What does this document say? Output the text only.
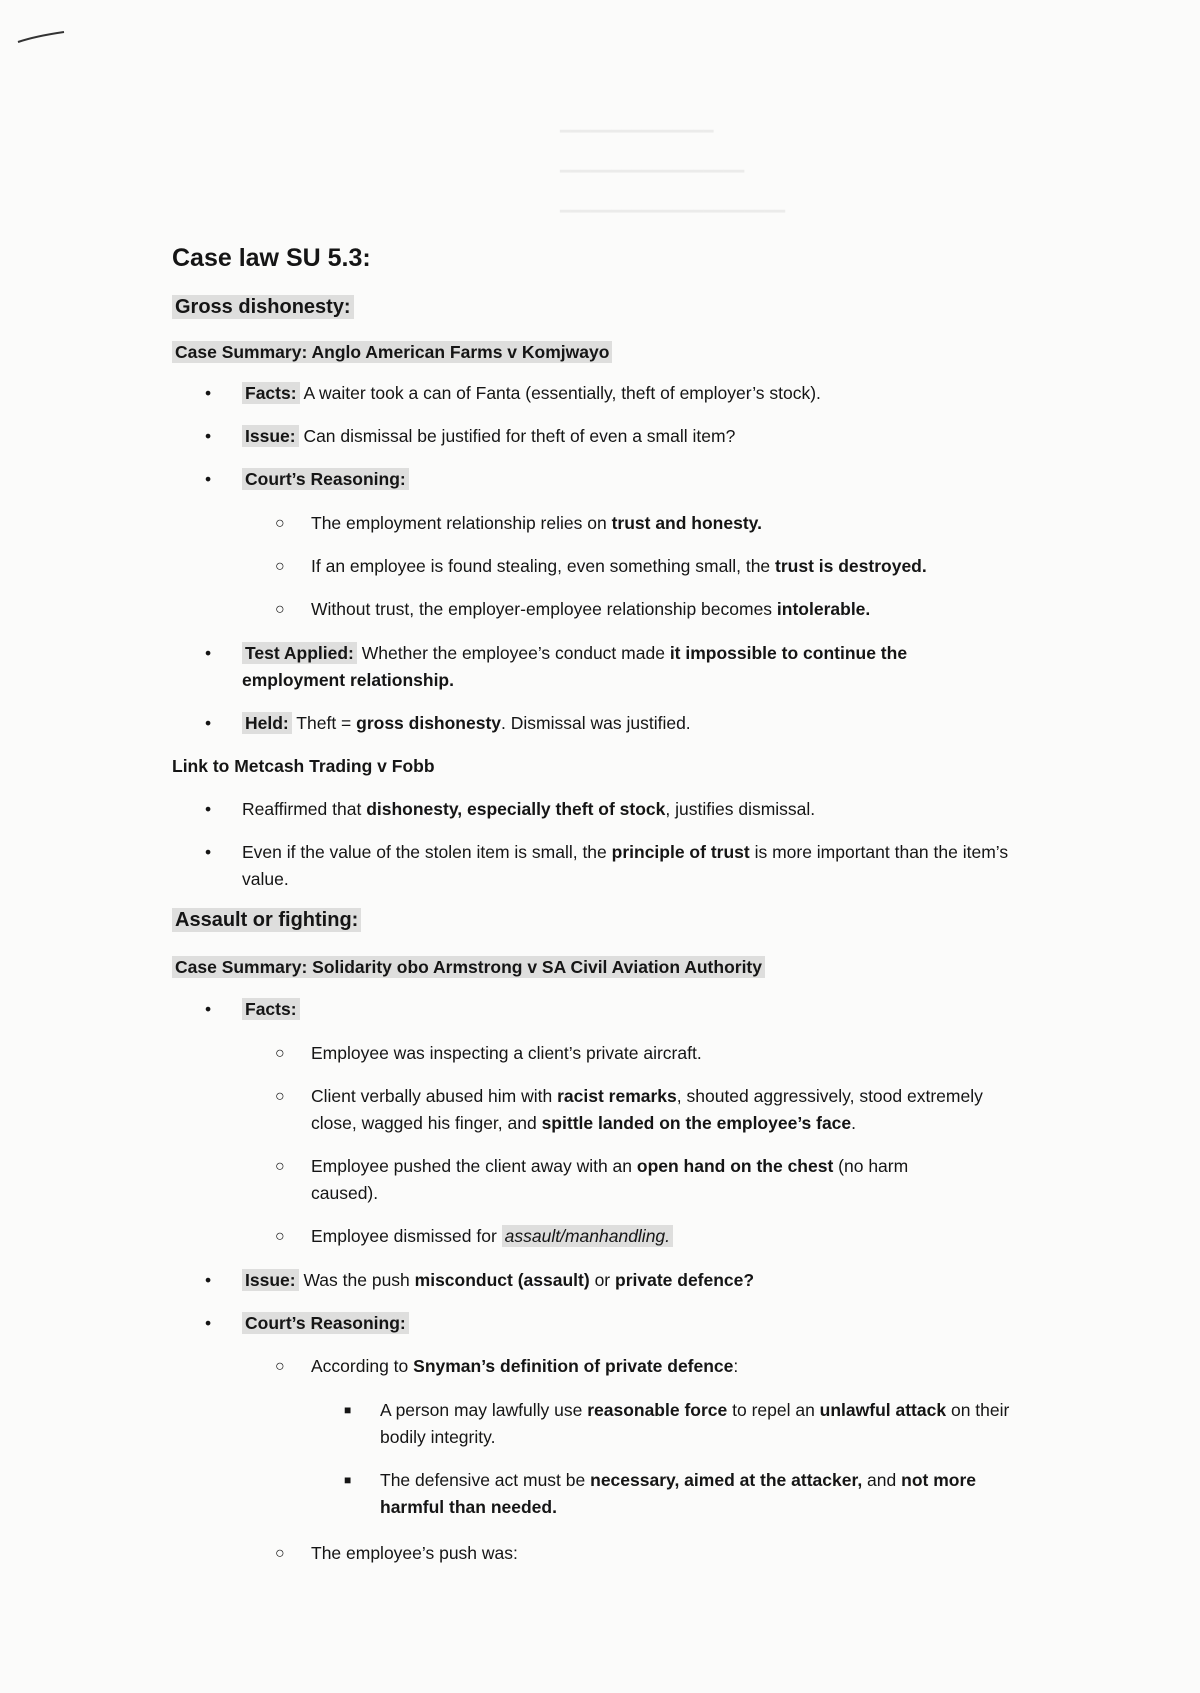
━━━━━━━━━━━━━━━
━━━━━━━━━━━━━━━━━━
━━━━━━━━━━━━━━━━━━━━━━
Case law SU 5.3:
Gross dishonesty:
Case Summary: Anglo American Farms v Komjwayo
• Facts: A waiter took a can of Fanta (essentially, theft of employer’s stock).

• Issue: Can dismissal be justified for theft of even a small item?

• Court’s Reasoning:

○ The employment relationship relies on trust and honesty.

○ If an employee is found stealing, even something small, the trust is destroyed.

○ Without trust, the employer-employee relationship becomes intolerable.

• Test Applied: Whether the employee’s conduct made it impossible to continue the employment relationship.

• Held: Theft = gross dishonesty. Dismissal was justified.

Link to Metcash Trading v Fobb
• Reaffirmed that dishonesty, especially theft of stock, justifies dismissal.

• Even if the value of the stolen item is small, the principle of trust is more important than the item’s value.

Assault or fighting:
Case Summary: Solidarity obo Armstrong v SA Civil Aviation Authority
• Facts:

○ Employee was inspecting a client’s private aircraft.

○ Client verbally abused him with racist remarks, shouted aggressively, stood extremely close, wagged his finger, and spittle landed on the employee’s face.

○ Employee pushed the client away with an open hand on the chest (no harm caused).

○ Employee dismissed for assault/manhandling.

• Issue: Was the push misconduct (assault) or private defence?

• Court’s Reasoning:

○ According to Snyman’s definition of private defence:

■ A person may lawfully use reasonable force to repel an unlawful attack on their bodily integrity.

■ The defensive act must be necessary, aimed at the attacker, and not more harmful than needed.

○ The employee’s push was:
